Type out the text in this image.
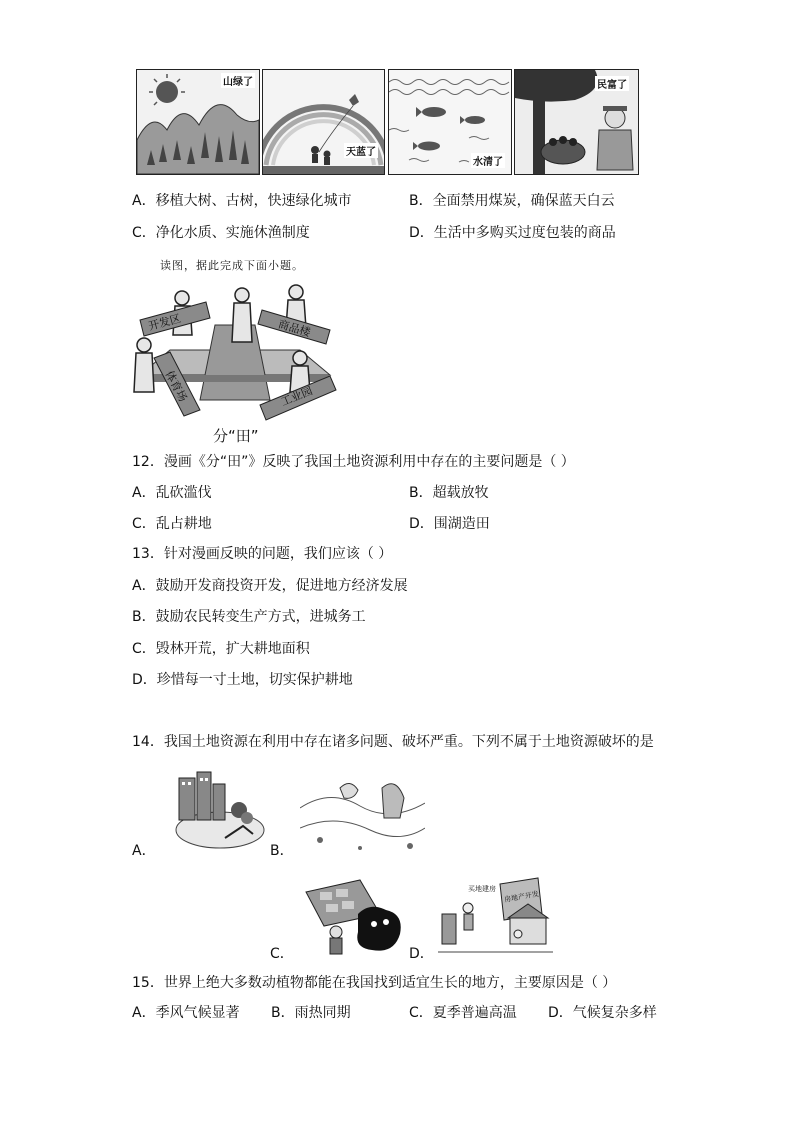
山绿了
天蓝了
水清了
民富了
A．移植大树、古树，快速绿化城市	B．全面禁用煤炭，确保蓝天白云
C．净化水质、实施休渔制度	D．生活中多购买过度包装的商品
读图，据此完成下面小题。
开发区	商品楼
体育场	工业园
分“田”
12．漫画《分“田”》反映了我国土地资源利用中存在的主要问题是（ ）
A．乱砍滥伐	B．超载放牧
C．乱占耕地	D．围湖造田
13．针对漫画反映的问题，我们应该（ ）
A．鼓励开发商投资开发，促进地方经济发展
B．鼓励农民转变生产方式，进城务工
C．毁林开荒，扩大耕地面积
D．珍惜每一寸土地，切实保护耕地
14．我国土地资源在利用中存在诸多问题、破坏严重。下列不属于土地资源破坏的是
A．	B．
C．
买地建房
房地产开发
D．
15．世界上绝大多数动植物都能在我国找到适宜生长的地方，主要原因是（ ）
A．季风气候显著 B．雨热同期	C．夏季普遍高温 D．气候复杂多样
